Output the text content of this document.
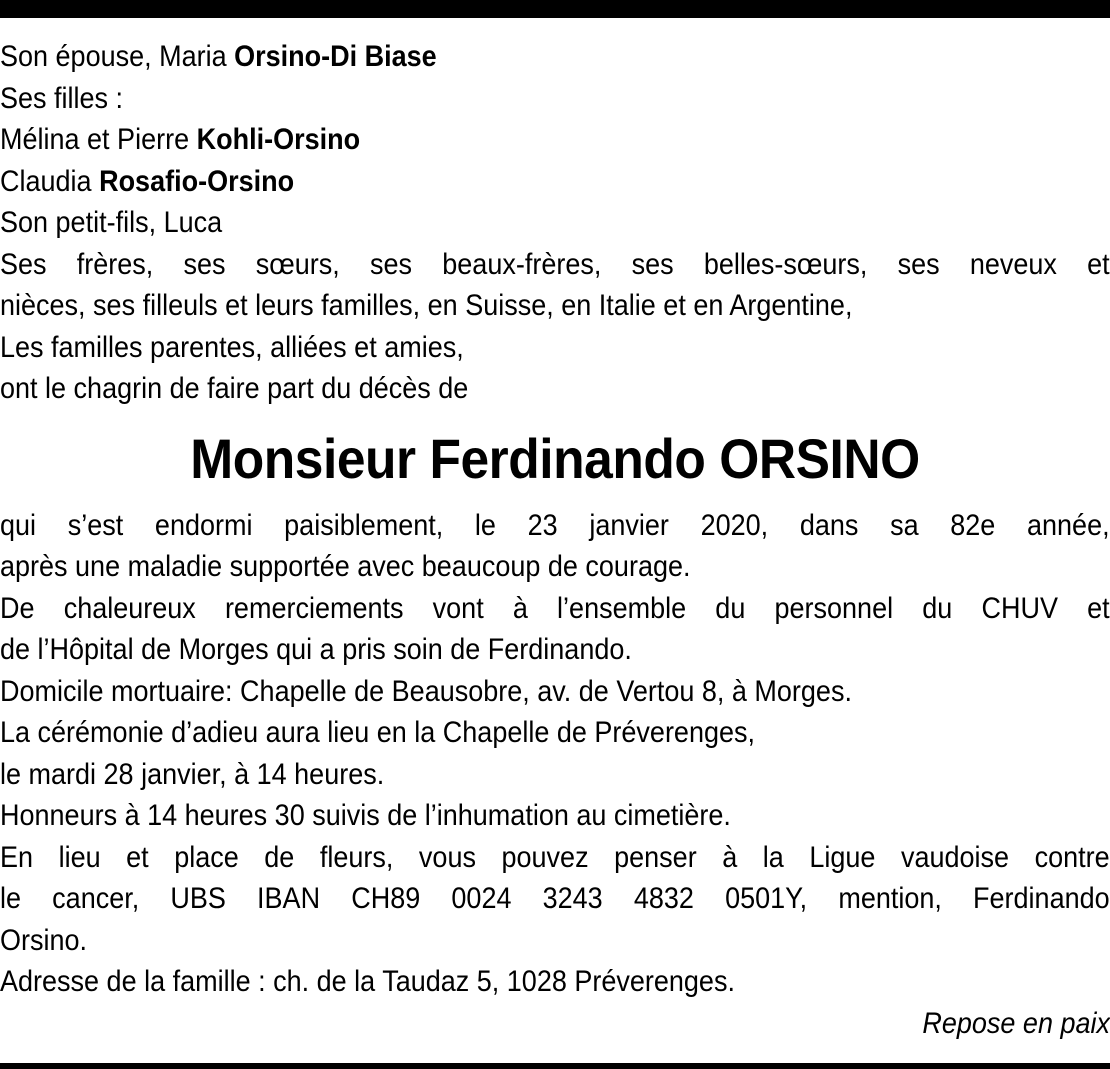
Son épouse, Maria Orsino-Di Biase
Ses filles :
Mélina et Pierre Kohli-Orsino
Claudia Rosafio-Orsino
Son petit-fils, Luca
Ses frères, ses sœurs, ses beaux-frères, ses belles-sœurs, ses neveux et
nièces, ses filleuls et leurs familles, en Suisse, en Italie et en Argentine,
Les familles parentes, alliées et amies,
ont le chagrin de faire part du décès de
Monsieur Ferdinando ORSINO
qui s’est endormi paisiblement, le 23 janvier 2020, dans sa 82e année,
après une maladie supportée avec beaucoup de courage.
De chaleureux remerciements vont à l’ensemble du personnel du CHUV et
de l’Hôpital de Morges qui a pris soin de Ferdinando.
Domicile mortuaire: Chapelle de Beausobre, av. de Vertou 8, à Morges.
La cérémonie d’adieu aura lieu en la Chapelle de Préverenges,
le mardi 28 janvier, à 14 heures.
Honneurs à 14 heures 30 suivis de l’inhumation au cimetière.
En lieu et place de fleurs, vous pouvez penser à la Ligue vaudoise contre
le cancer, UBS IBAN CH89 0024 3243 4832 0501Y, mention, Ferdinando
Orsino.
Adresse de la famille : ch. de la Taudaz 5, 1028 Préverenges.
Repose en paix
